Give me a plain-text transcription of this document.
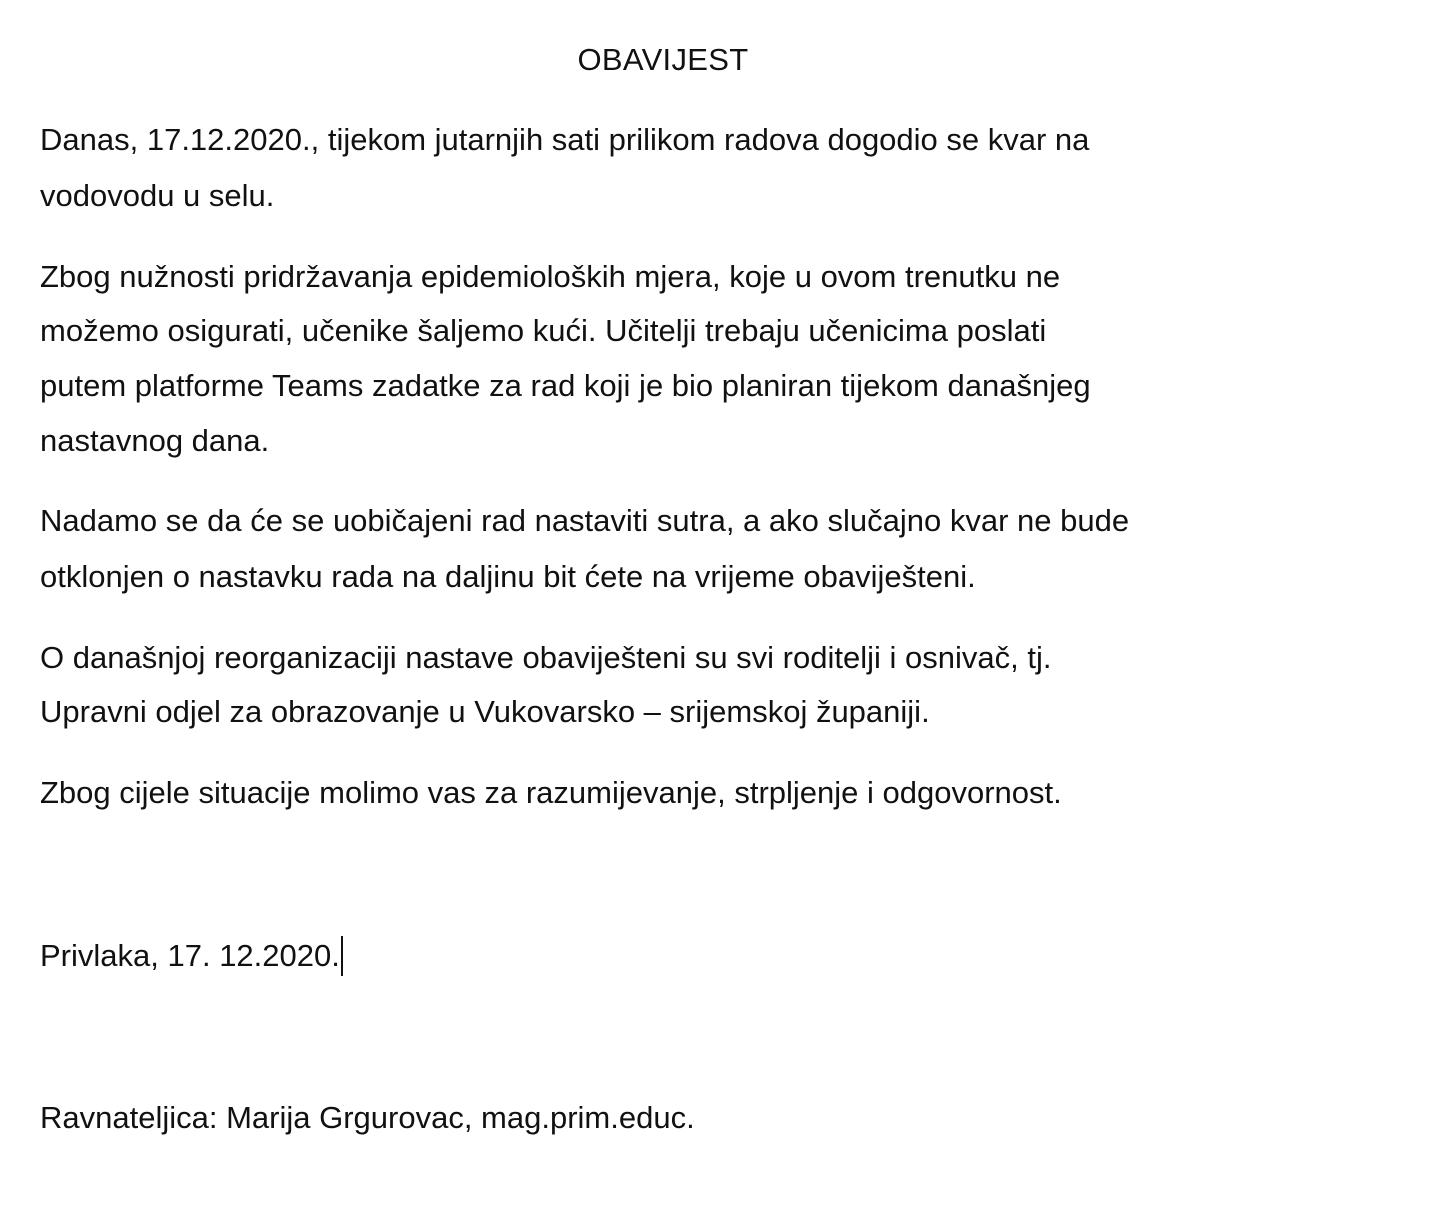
OBAVIJEST
Danas, 17.12.2020., tijekom jutarnjih sati prilikom radova dogodio se kvar na
vodovodu u selu.
Zbog nužnosti pridržavanja epidemioloških mjera, koje u ovom trenutku ne
možemo osigurati, učenike šaljemo kući. Učitelji trebaju učenicima poslati
putem platforme Teams zadatke za rad koji je bio planiran tijekom današnjeg
nastavnog dana.
Nadamo se da će se uobičajeni rad nastaviti sutra, a ako slučajno kvar ne bude
otklonjen o nastavku rada na daljinu bit ćete na vrijeme obaviješteni.
O današnjoj reorganizaciji nastave obaviješteni su svi roditelji i osnivač, tj.
Upravni odjel za obrazovanje u Vukovarsko – srijemskoj županiji.
Zbog cijele situacije molimo vas za razumijevanje, strpljenje i odgovornost.
Privlaka, 17. 12.2020.
Ravnateljica: Marija Grgurovac, mag.prim.educ.
